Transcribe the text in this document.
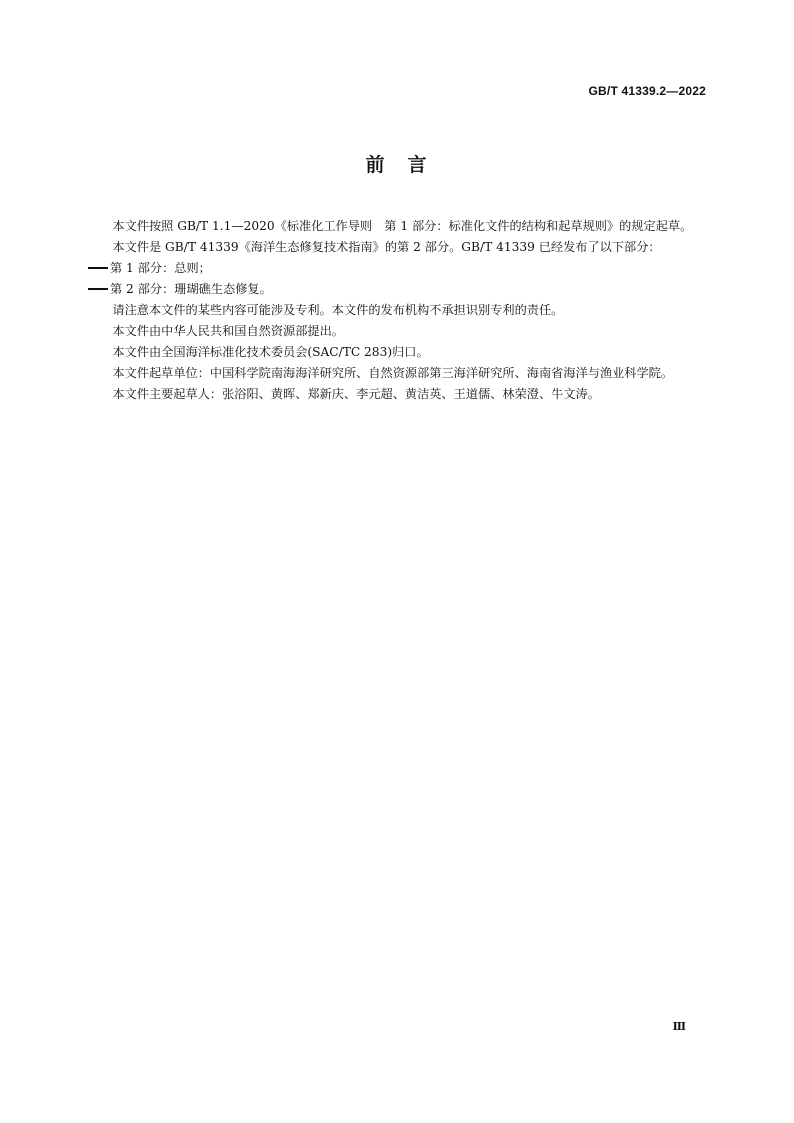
GB/T 41339.2—2022
前　言

本文件按照 GB/T 1.1—2020《标准化工作导则　第 1 部分：标准化文件的结构和起草规则》的规定起草。

本文件是 GB/T 41339《海洋生态修复技术指南》的第 2 部分。GB/T 41339 已经发布了以下部分：

第 1 部分：总则；

第 2 部分：珊瑚礁生态修复。

请注意本文件的某些内容可能涉及专利。本文件的发布机构不承担识别专利的责任。

本文件由中华人民共和国自然资源部提出。

本文件由全国海洋标准化技术委员会(SAC/TC 283)归口。

本文件起草单位：中国科学院南海海洋研究所、自然资源部第三海洋研究所、海南省海洋与渔业科学院。

本文件主要起草人：张浴阳、黄晖、郑新庆、李元超、黄洁英、王道儒、林荣澄、牛文涛。

Ⅲ
